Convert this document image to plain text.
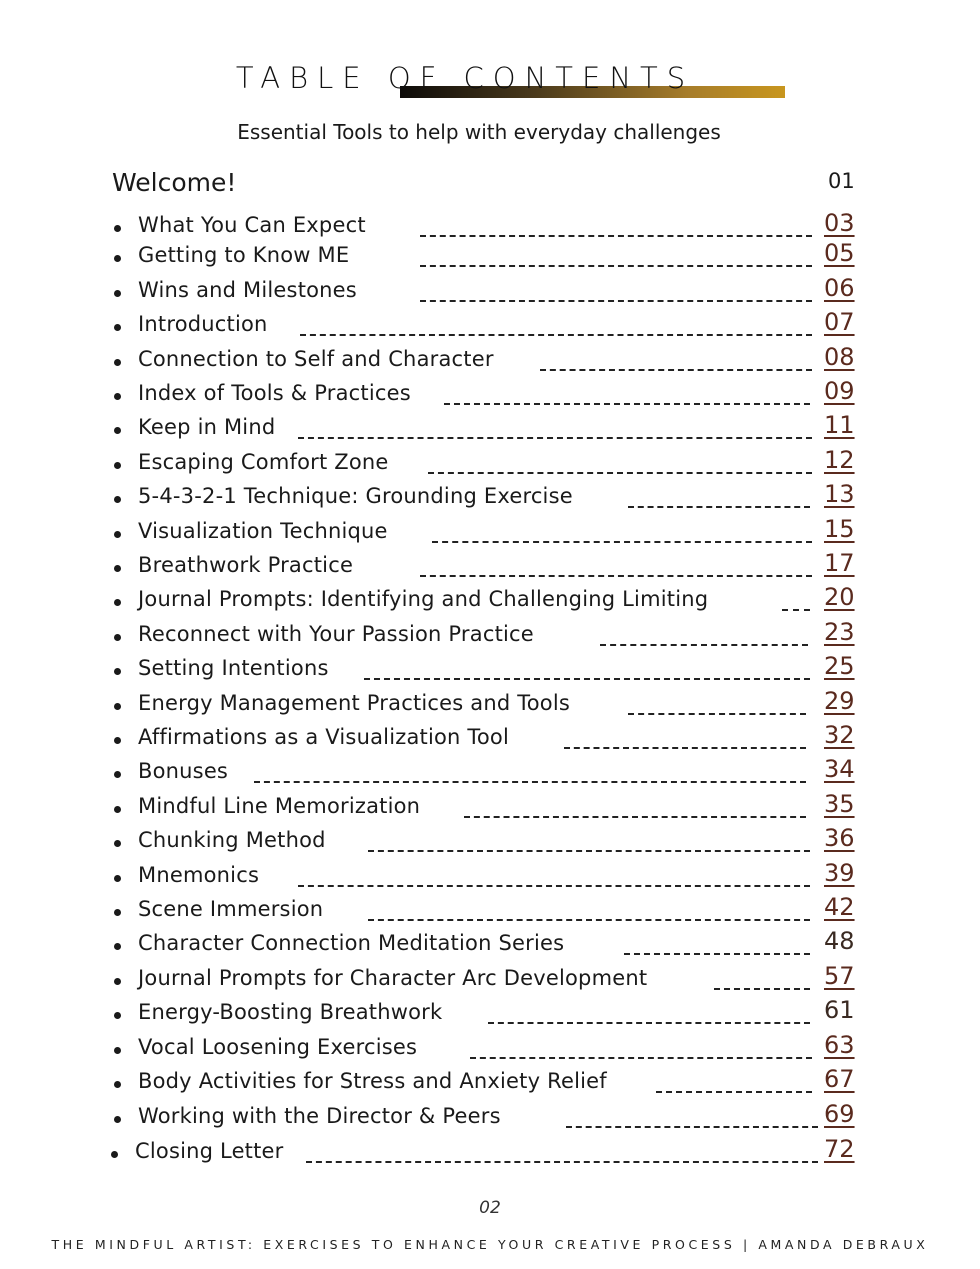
TABLE OF CONTENTS
Essential Tools to help with everyday challenges
Welcome!	01
What You Can Expect	03
Getting to Know ME	05
Wins and Milestones	06
Introduction	07
Connection to Self and Character	08
Index of Tools & Practices	09
Keep in Mind	11
Escaping Comfort Zone	12
5-4-3-2-1 Technique: Grounding Exercise	13
Visualization Technique	15
Breathwork Practice	17
Journal Prompts: Identifying and Challenging Limiting	20
Reconnect with Your Passion Practice	23
Setting Intentions	25
Energy Management Practices and Tools	29
Affirmations as a Visualization Tool	32
Bonuses	34
Mindful Line Memorization	35
Chunking Method	36
Mnemonics	39
Scene Immersion	42
Character Connection Meditation Series	48
Journal Prompts for Character Arc Development	57
Energy-Boosting Breathwork	61
Vocal Loosening Exercises	63
Body Activities for Stress and Anxiety Relief	67
Working with the Director & Peers	69
Closing Letter	72
02
THE MINDFUL ARTIST: EXERCISES TO ENHANCE YOUR CREATIVE PROCESS | AMANDA DEBRAUX
